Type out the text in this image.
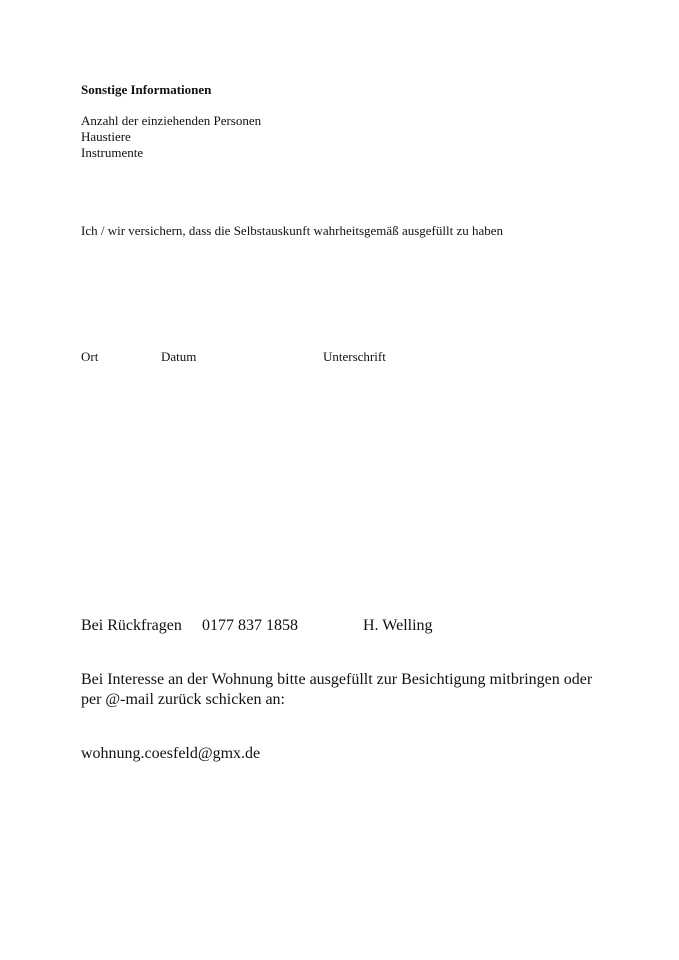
Sonstige Informationen
Anzahl der einziehenden Personen
Haustiere
Instrumente

Ich / wir versichern, dass die Selbstauskunft wahrheitsgemäß ausgefüllt zu haben

Ort	Datum	Unterschrift
Bei Rückfragen 0177 837 1858	H. Welling
Bei Interesse an der Wohnung bitte ausgefüllt zur Besichtigung mitbringen oder
per @-mail zurück schicken an:
wohnung.coesfeld@gmx.de
